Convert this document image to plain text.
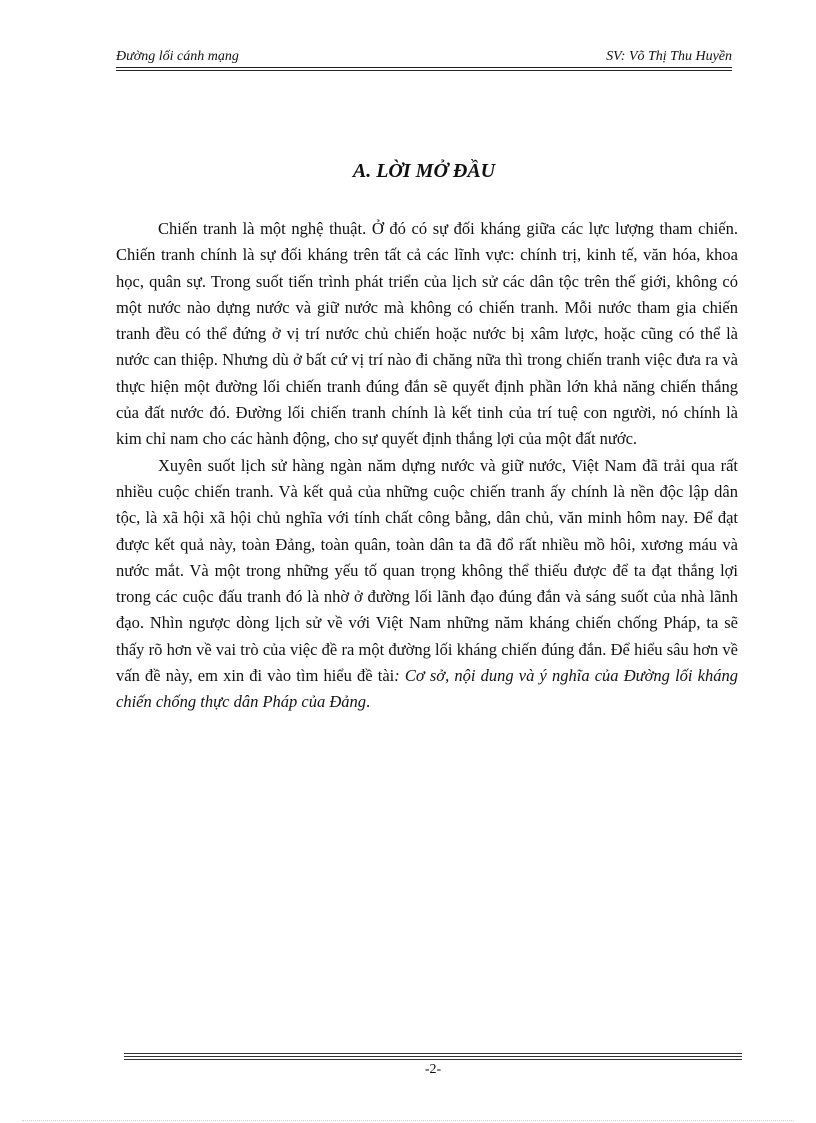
Đường lối cánh mạng	SV: Võ Thị Thu Huyền
A. LỜI MỞ ĐẦU

Chiến tranh là một nghệ thuật. Ở đó có sự đối kháng giữa các lực lượng tham chiến. Chiến tranh chính là sự đối kháng trên tất cả các lĩnh vực: chính trị, kinh tế, văn hóa, khoa học, quân sự. Trong suốt tiến trình phát triển của lịch sử các dân tộc trên thế giới, không có một nước nào dựng nước và giữ nước mà không có chiến tranh. Mỗi nước tham gia chiến tranh đều có thể đứng ở vị trí nước chủ chiến hoặc nước bị xâm lược, hoặc cũng có thể là nước can thiệp. Nhưng dù ở bất cứ vị trí nào đi chăng nữa thì trong chiến tranh việc đưa ra và thực hiện một đường lối chiến tranh đúng đắn sẽ quyết định phần lớn khả năng chiến thắng của đất nước đó. Đường lối chiến tranh chính là kết tinh của trí tuệ con người, nó chính là kim chỉ nam cho các hành động, cho sự quyết định thắng lợi của một đất nước.

Xuyên suốt lịch sử hàng ngàn năm dựng nước và giữ nước, Việt Nam đã trải qua rất nhiều cuộc chiến tranh. Và kết quả của những cuộc chiến tranh ấy chính là nền độc lập dân tộc, là xã hội xã hội chủ nghĩa với tính chất công bằng, dân chủ, văn minh hôm nay. Để đạt được kết quả này, toàn Đảng, toàn quân, toàn dân ta đã đổ rất nhiều mồ hôi, xương máu và nước mắt. Và một trong những yếu tố quan trọng không thể thiếu được để ta đạt thắng lợi trong các cuộc đấu tranh đó là nhờ ở đường lối lãnh đạo đúng đắn và sáng suốt của nhà lãnh đạo. Nhìn ngược dòng lịch sử về với Việt Nam những năm kháng chiến chống Pháp, ta sẽ thấy rõ hơn về vai trò của việc đề ra một đường lối kháng chiến đúng đắn. Để hiểu sâu hơn về vấn đề này, em xin đi vào tìm hiểu đề tài: Cơ sở, nội dung và ý nghĩa của Đường lối kháng chiến chống thực dân Pháp của Đảng.

-2-
